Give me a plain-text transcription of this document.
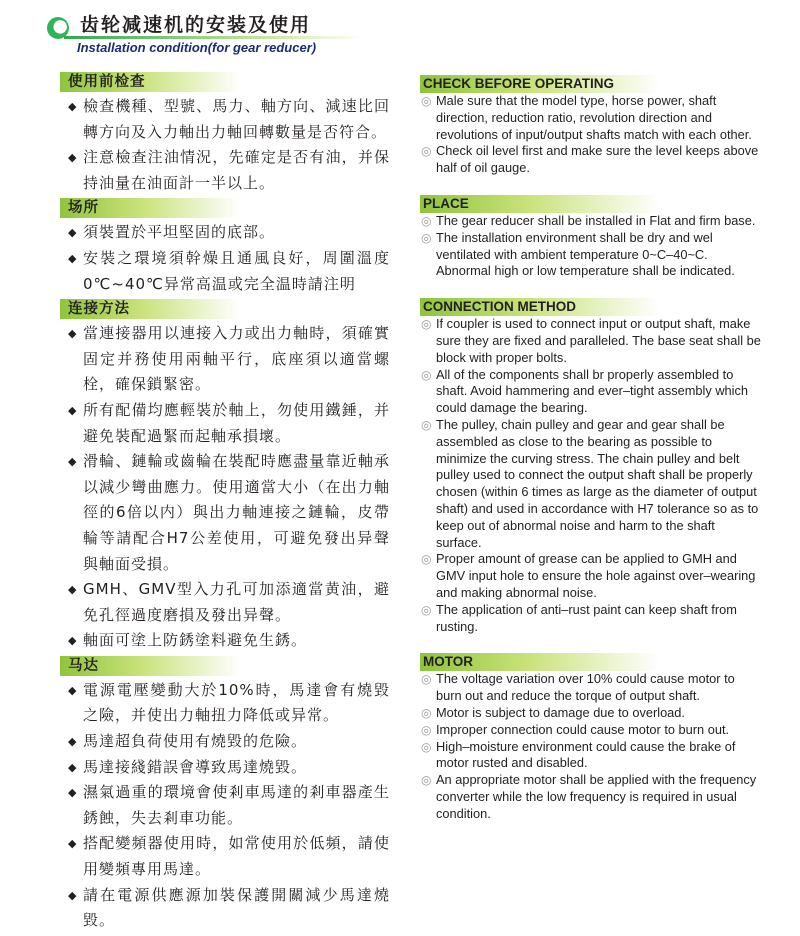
齿轮减速机的安装及使用
Installation condition(for gear reducer)
使用前检查
◆ 檢查機種、型號、馬力、軸方向、減速比回轉方向及入力軸出力軸回轉數量是否符合。
◆ 注意檢查注油情況，先確定是否有油，并保持油量在油面計一半以上。
场所
◆ 須裝置於平坦堅固的底部。
◆ 安裝之環境須幹燥且通風良好，周圍溫度0℃~40℃异常高温或完全温時請注明
连接方法
◆ 當連接器用以連接入力或出力軸時，須確實固定并務使用兩軸平行，底座須以適當螺栓，確保鎖緊密。
◆ 所有配備均應輕裝於軸上，勿使用鐵錘，并避免裝配過緊而起軸承損壞。
◆ 滑輪、鏈輪或齒輪在裝配時應盡量靠近軸承以減少彎曲應力。使用適當大小（在出力軸徑的6倍以内）與出力軸連接之鏈輪，皮帶輪等請配合H7公差使用，可避免發出异聲與軸面受損。
◆ GMH、GMV型入力孔可加添適當黄油，避免孔徑過度磨損及發出异聲。
◆ 軸面可塗上防銹塗料避免生銹。
马达
◆ 電源電壓變動大於10%時，馬達會有燒毀之險，并使出力軸扭力降低或异常。
◆ 馬達超負荷使用有燒毀的危險。
◆ 馬達接綫錯誤會導致馬達燒毀。
◆ 濕氣過重的環境會使剎車馬達的剎車器產生銹蝕，失去剎車功能。
◆ 搭配變頻器使用時，如常使用於低頻，請使用變頻專用馬達。
◆ 請在電源供應源加裝保護開關減少馬達燒毀。
CHECK BEFORE OPERATING
◎ Male sure that the model type, horse power, shaft direction, reduction ratio, revolution direction and revolutions of input/output shafts match with each other.
◎ Check oil level first and make sure the level keeps above half of oil gauge.
PLACE
◎ The gear reducer shall be installed in Flat and firm base.
◎ The installation environment shall be dry and wel ventilated with ambient temperature 0~C–40~C. Abnormal high or low temperature shall be indicated.
CONNECTION METHOD
◎ If coupler is used to connect input or output shaft, make sure they are fixed and paralleled. The base seat shall be block with proper bolts.
◎ All of the components shall br properly assembled to shaft. Avoid hammering and ever–tight assembly which could damage the bearing.
◎ The pulley, chain pulley and gear and gear shall be assembled as close to the bearing as possible to minimize the curving stress. The chain pulley and belt pulley used to connect the output shaft shall be properly chosen (within 6 times as large as the diameter of output shaft) and used in accordance with H7 tolerance so as to keep out of abnormal noise and harm to the shaft surface.
◎ Proper amount of grease can be applied to GMH and GMV input hole to ensure the hole against over–wearing and making abnormal noise.
◎ The application of anti–rust paint can keep shaft from rusting.
MOTOR
◎ The voltage variation over 10% could cause motor to burn out and reduce the torque of output shaft.
◎ Motor is subject to damage due to overload.
◎ Improper connection could cause motor to burn out.
◎ High–moisture environment could cause the brake of motor rusted and disabled.
◎ An appropriate motor shall be applied with the frequency converter while the low frequency is required in usual condition.
